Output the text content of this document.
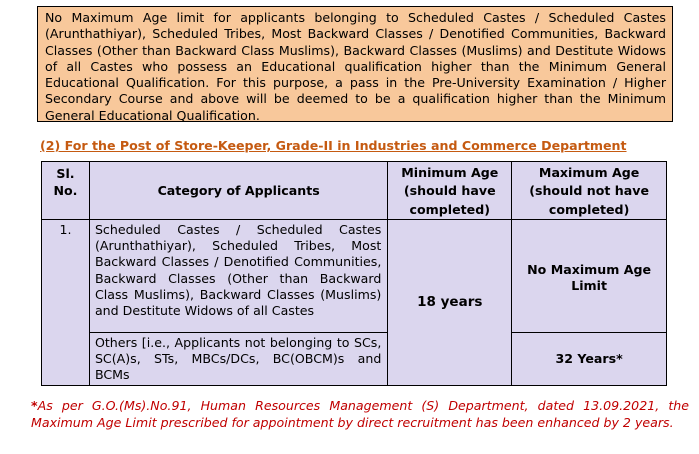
No Maximum Age limit for applicants belonging to Scheduled Castes / Scheduled Castes (Arunthathiyar), Scheduled Tribes, Most Backward Classes / Denotified Communities, Backward Classes (Other than Backward Class Muslims), Backward Classes (Muslims) and Destitute Widows of all Castes who possess an Educational qualification higher than the Minimum General Educational Qualification. For this purpose, a pass in the Pre-University Examination / Higher Secondary Course and above will be deemed to be a qualification higher than the Minimum General Educational Qualification.
(2) For the Post of Store-Keeper, Grade-II in Industries and Commerce Department
Sl. No.	Category of Applicants	Minimum Age (should have completed)	Maximum Age (should not have completed)
1.	Scheduled Castes / Scheduled Castes (Arunthathiyar), Scheduled Tribes, Most Backward Classes / Denotified Communities, Backward Classes (Other than Backward Class Muslims), Backward Classes (Muslims) and Destitute Widows of all Castes	18 years	No Maximum Age Limit
	Others [i.e., Applicants not belonging to SCs, SC(A)s, STs, MBCs/DCs, BC(OBCM)s and BCMs		32 Years*
*As per G.O.(Ms).No.91, Human Resources Management (S) Department, dated 13.09.2021, the Maximum Age Limit prescribed for appointment by direct recruitment has been enhanced by 2 years.
